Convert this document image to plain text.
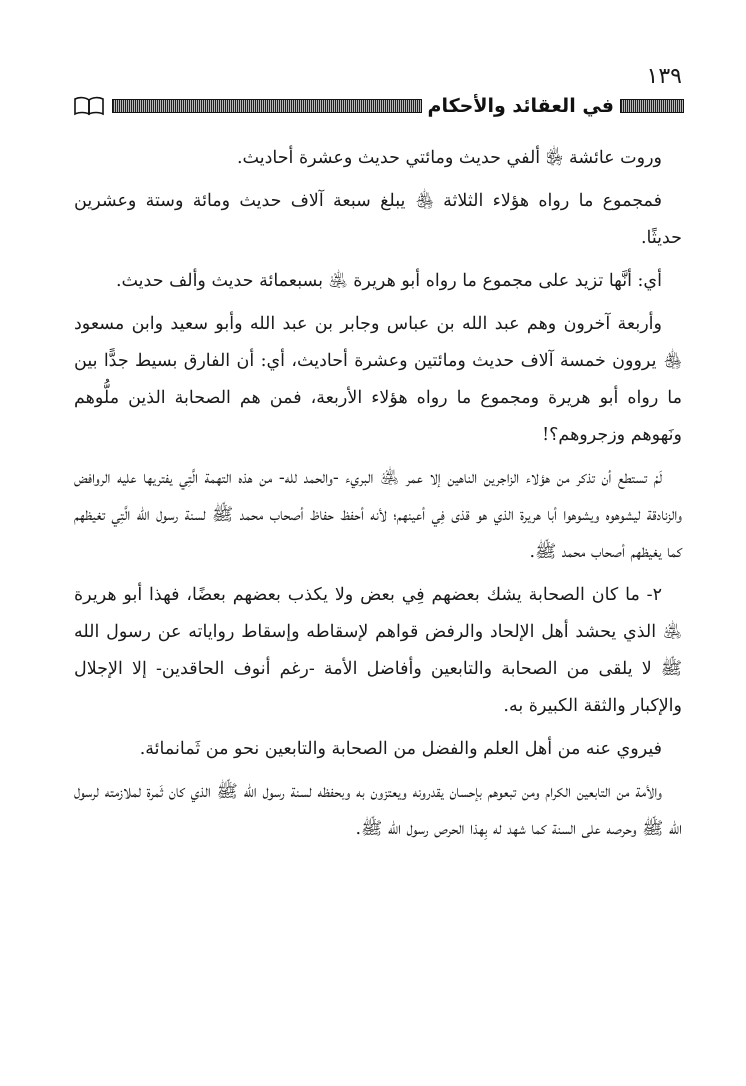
١٣٩
في العقائد والأحكام

وروت عائشة ﵂ ألفي حديث ومائتي حديث وعشرة أحاديث.

فمجموع ما رواه هؤلاء الثلاثة ﵃ يبلغ سبعة آلاف حديث ومائة وستة وعشرين حديثًا.

أي: أنَّها تزيد على مجموع ما رواه أبو هريرة ﵁ بسبعمائة حديث وألف حديث.

وأربعة آخرون وهم عبد الله بن عباس وجابر بن عبد الله وأبو سعيد وابن مسعود ﵃ يروون خمسة آلاف حديث ومائتين وعشرة أحاديث، أي: أن الفارق بسيط جدًّا بين ما رواه أبو هريرة ومجموع ما رواه هؤلاء الأربعة، فمن هم الصحابة الذين ملُّوهم ونَهوهم وزجروهم؟!

لَمْ تستطع أن تذكر من هؤلاء الزاجرين الناهين إلا عمر ﵁ البريء -والحمد لله- من هذه التهمة الَّتِي يفتريها عليه الروافض والزنادقة ليشوهوه ويشوهوا أبا هريرة الذي هو قذى فِي أعينهم؛ لأنه أحفظ حفاظ أصحاب محمد ﷺ لسنة رسول الله الَّتِي تغيظهم كما يغيظهم أصحاب محمد ﷺ.

٢- ما كان الصحابة يشك بعضهم فِي بعض ولا يكذب بعضهم بعضًا، فهذا أبو هريرة ﵁ الذي يحشد أهل الإلحاد والرفض قواهم لإسقاطه وإسقاط رواياته عن رسول الله ﷺ لا يلقى من الصحابة والتابعين وأفاضل الأمة -رغم أنوف الحاقدين- إلا الإجلال والإكبار والثقة الكبيرة به.

فيروي عنه من أهل العلم والفضل من الصحابة والتابعين نحو من ثَمانمائة.

والأمة من التابعين الكرام ومن تبعوهم بإحسان يقدرونه ويعتزون به وبحفظه لسنة رسول الله ﷺ الذي كان ثَمرة لملازمته لرسول الله ﷺ وحرصه على السنة كما شهد له بِهذا الحرص رسول الله ﷺ.
